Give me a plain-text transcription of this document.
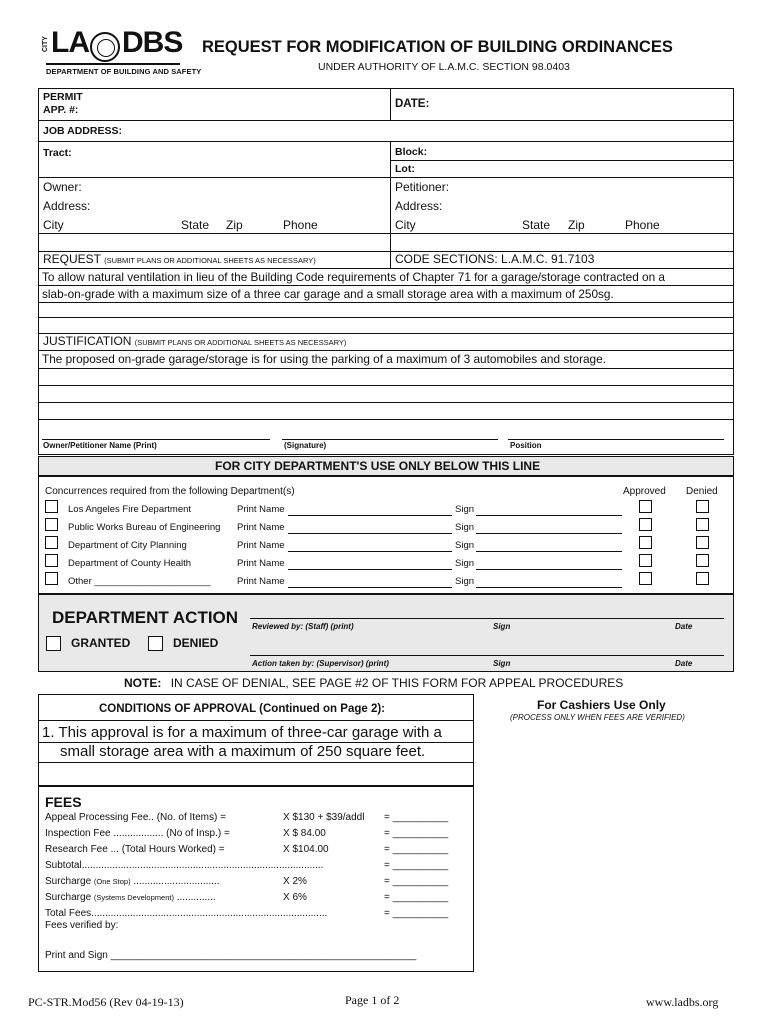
CITY LA DBS
DEPARTMENT OF BUILDING AND SAFETY
REQUEST FOR MODIFICATION OF BUILDING ORDINANCES
UNDER AUTHORITY OF L.A.M.C. SECTION 98.0403
PERMIT
APP. #:	DATE:
JOB ADDRESS:
Tract:	Block:
Lot:
Owner:	Petitioner:
Address:	Address:
City	State Zip	Phone	City	State Zip	Phone
REQUEST (SUBMIT PLANS OR ADDITIONAL SHEETS AS NECESSARY)	CODE SECTIONS: L.A.M.C. 91.7103
To allow natural ventilation in lieu of the Building Code requirements of Chapter 71 for a garage/storage contracted on a
slab-on-grade with a maximum size of a three car garage and a small storage area with a maximum of 250sg.
JUSTIFICATION (SUBMIT PLANS OR ADDITIONAL SHEETS AS NECESSARY)
The proposed on-grade garage/storage is for using the parking of a maximum of 3 automobiles and storage.
Owner/Petitioner Name (Print)	(Signature)	Position
FOR CITY DEPARTMENT'S USE ONLY BELOW THIS LINE
Concurrences required from the following Department(s)	Approved Denied
Los Angeles Fire Department	Print Name	Sign
Public Works Bureau of Engineering Print Name	Sign
Department of City Planning	Print Name	Sign
Department of County Health	Print Name	Sign
Other ______________________	Print Name	Sign
DEPARTMENT ACTION
GRANTED	DENIED
Reviewed by: (Staff) (print)	Sign	Date
Action taken by: (Supervisor) (print)	Sign	Date
NOTE: IN CASE OF DENIAL, SEE PAGE #2 OF THIS FORM FOR APPEAL PROCEDURES
CONDITIONS OF APPROVAL (Continued on Page 2):
1. This approval is for a maximum of three-car garage with a
small storage area with a maximum of 250 square feet.
For Cashiers Use Only
(PROCESS ONLY WHEN FEES ARE VERIFIED)
FEES
Appeal Processing Fee.. (No. of Items) =	X $130 + $39/addl = __________
Inspection Fee .................. (No of Insp.) =	X $ 84.00	= __________
Research Fee ... (Total Hours Worked) =	X $104.00	= __________
Subtotal.......................................................................................	= __________
Surcharge (One Stop) ...............................	X 2%	= __________
Surcharge (Systems Development) ..............	X 6%	= __________
Total Fees.....................................................................................	= __________
Fees verified by:
Print and Sign _______________________________________________________
PC-STR.Mod56 (Rev 04-19-13)	Page 1 of 2	www.ladbs.org
